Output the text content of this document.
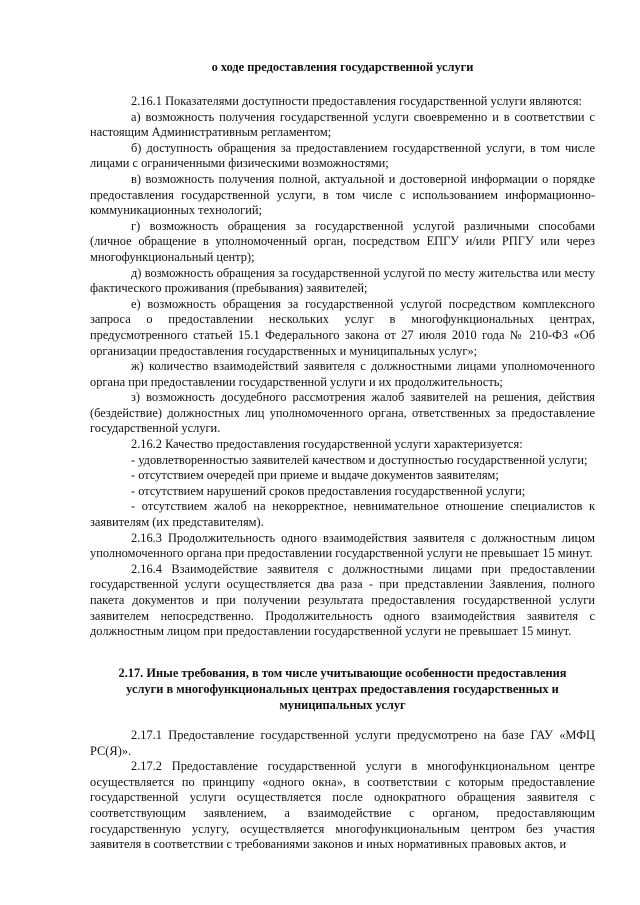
о ходе предоставления государственной услуги

2.16.1 Показателями доступности предоставления государственной услуги являются:

а) возможность получения государственной услуги своевременно и в соответствии с настоящим Административным регламентом;

б) доступность обращения за предоставлением государственной услуги, в том числе лицами с ограниченными физическими возможностями;

в) возможность получения полной, актуальной и достоверной информации о порядке предоставления государственной услуги, в том числе с использованием информационно-коммуникационных технологий;

г) возможность обращения за государственной услугой различными способами (личное обращение в уполномоченный орган, посредством ЕПГУ и/или РПГУ или через многофункциональный центр);

д) возможность обращения за государственной услугой по месту жительства или месту фактического проживания (пребывания) заявителей;

е) возможность обращения за государственной услугой посредством комплексного запроса о предоставлении нескольких услуг в многофункциональных центрах, предусмотренного статьей 15.1 Федерального закона от 27 июля 2010 года № 210-ФЗ «Об организации предоставления государственных и муниципальных услуг»;

ж) количество взаимодействий заявителя с должностными лицами уполномоченного органа при предоставлении государственной услуги и их продолжительность;

з) возможность досудебного рассмотрения жалоб заявителей на решения, действия (бездействие) должностных лиц уполномоченного органа, ответственных за предоставление государственной услуги.

2.16.2 Качество предоставления государственной услуги характеризуется:

- удовлетворенностью заявителей качеством и доступностью государственной услуги;

- отсутствием очередей при приеме и выдаче документов заявителям;

- отсутствием нарушений сроков предоставления государственной услуги;

- отсутствием жалоб на некорректное, невнимательное отношение специалистов к заявителям (их представителям).

2.16.3 Продолжительность одного взаимодействия заявителя с должностным лицом уполномоченного органа при предоставлении государственной услуги не превышает 15 минут.

2.16.4 Взаимодействие заявителя с должностными лицами при предоставлении государственной услуги осуществляется два раза - при представлении Заявления, полного пакета документов и при получении результата предоставления государственной услуги заявителем непосредственно. Продолжительность одного взаимодействия заявителя с должностным лицом при предоставлении государственной услуги не превышает 15 минут.

2.17. Иные требования, в том числе учитывающие особенности предоставления
услуги в многофункциональных центрах предоставления государственных и
муниципальных услуг

2.17.1 Предоставление государственной услуги предусмотрено на базе ГАУ «МФЦ РС(Я)».

2.17.2 Предоставление государственной услуги в многофункциональном центре осуществляется по принципу «одного окна», в соответствии с которым предоставление государственной услуги осуществляется после однократного обращения заявителя с соответствующим заявлением, а взаимодействие с органом, предоставляющим государственную услугу, осуществляется многофункциональным центром без участия заявителя в соответствии с требованиями законов и иных нормативных правовых актов, и
